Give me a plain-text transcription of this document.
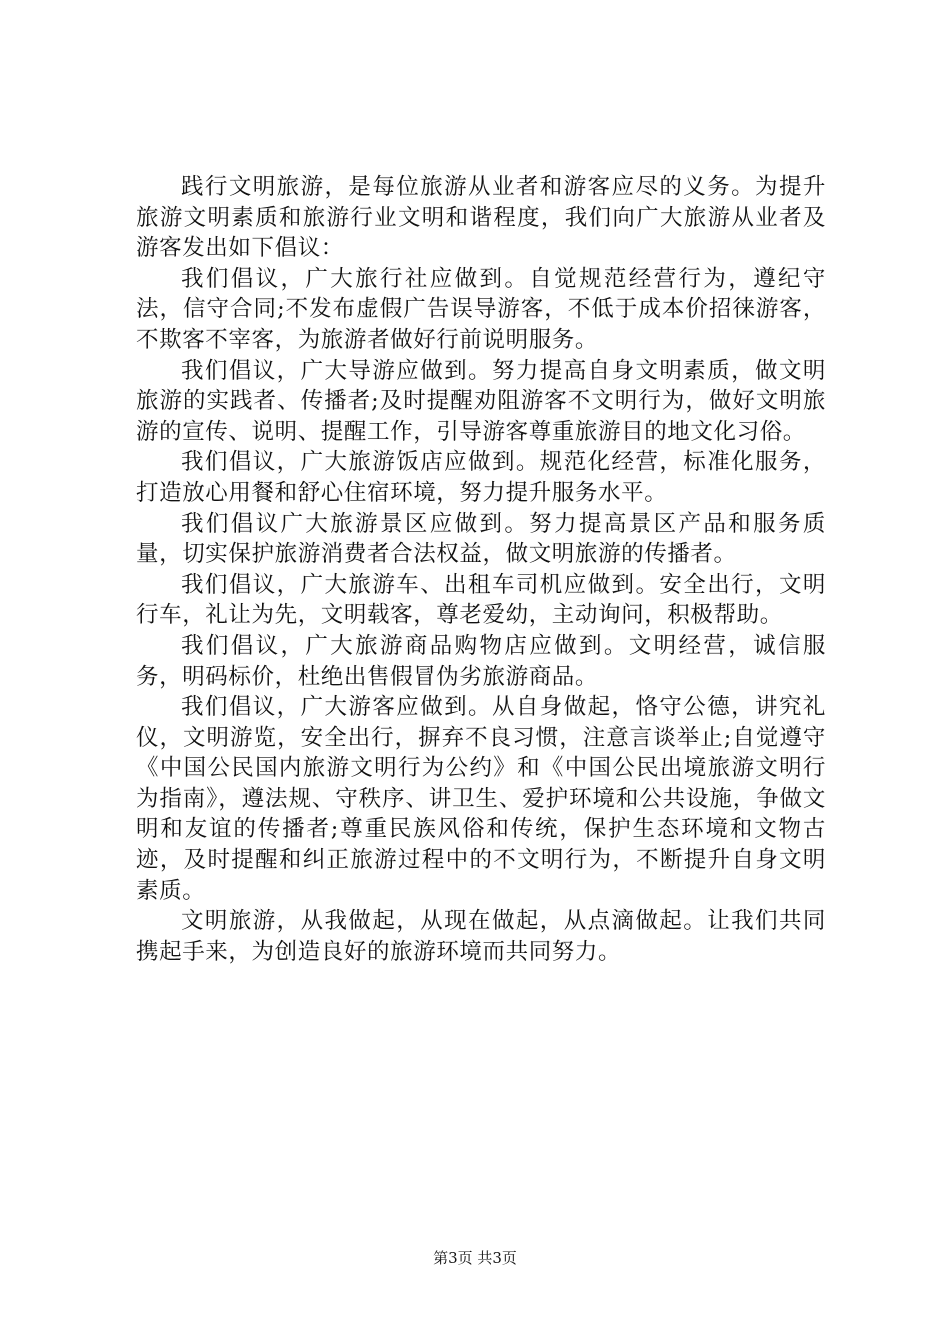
践行文明旅游，是每位旅游从业者和游客应尽的义务。为提升旅游文明素质和旅游行业文明和谐程度，我们向广大旅游从业者及游客发出如下倡议：

我们倡议，广大旅行社应做到。自觉规范经营行为，遵纪守法，信守合同;不发布虚假广告误导游客，不低于成本价招徕游客，不欺客不宰客，为旅游者做好行前说明服务。

我们倡议，广大导游应做到。努力提高自身文明素质，做文明旅游的实践者、传播者;及时提醒劝阻游客不文明行为，做好文明旅游的宣传、说明、提醒工作，引导游客尊重旅游目的地文化习俗。

我们倡议，广大旅游饭店应做到。规范化经营，标准化服务，打造放心用餐和舒心住宿环境，努力提升服务水平。

我们倡议广大旅游景区应做到。努力提高景区产品和服务质量，切实保护旅游消费者合法权益，做文明旅游的传播者。

我们倡议，广大旅游车、出租车司机应做到。安全出行，文明行车，礼让为先，文明载客，尊老爱幼，主动询问，积极帮助。

我们倡议，广大旅游商品购物店应做到。文明经营，诚信服务，明码标价，杜绝出售假冒伪劣旅游商品。

我们倡议，广大游客应做到。从自身做起，恪守公德，讲究礼仪，文明游览，安全出行，摒弃不良习惯，注意言谈举止;自觉遵守《中国公民国内旅游文明行为公约》和《中国公民出境旅游文明行为指南》，遵法规、守秩序、讲卫生、爱护环境和公共设施，争做文明和友谊的传播者;尊重民族风俗和传统，保护生态环境和文物古迹，及时提醒和纠正旅游过程中的不文明行为，不断提升自身文明素质。

文明旅游，从我做起，从现在做起，从点滴做起。让我们共同携起手来，为创造良好的旅游环境而共同努力。

第3页 共3页
